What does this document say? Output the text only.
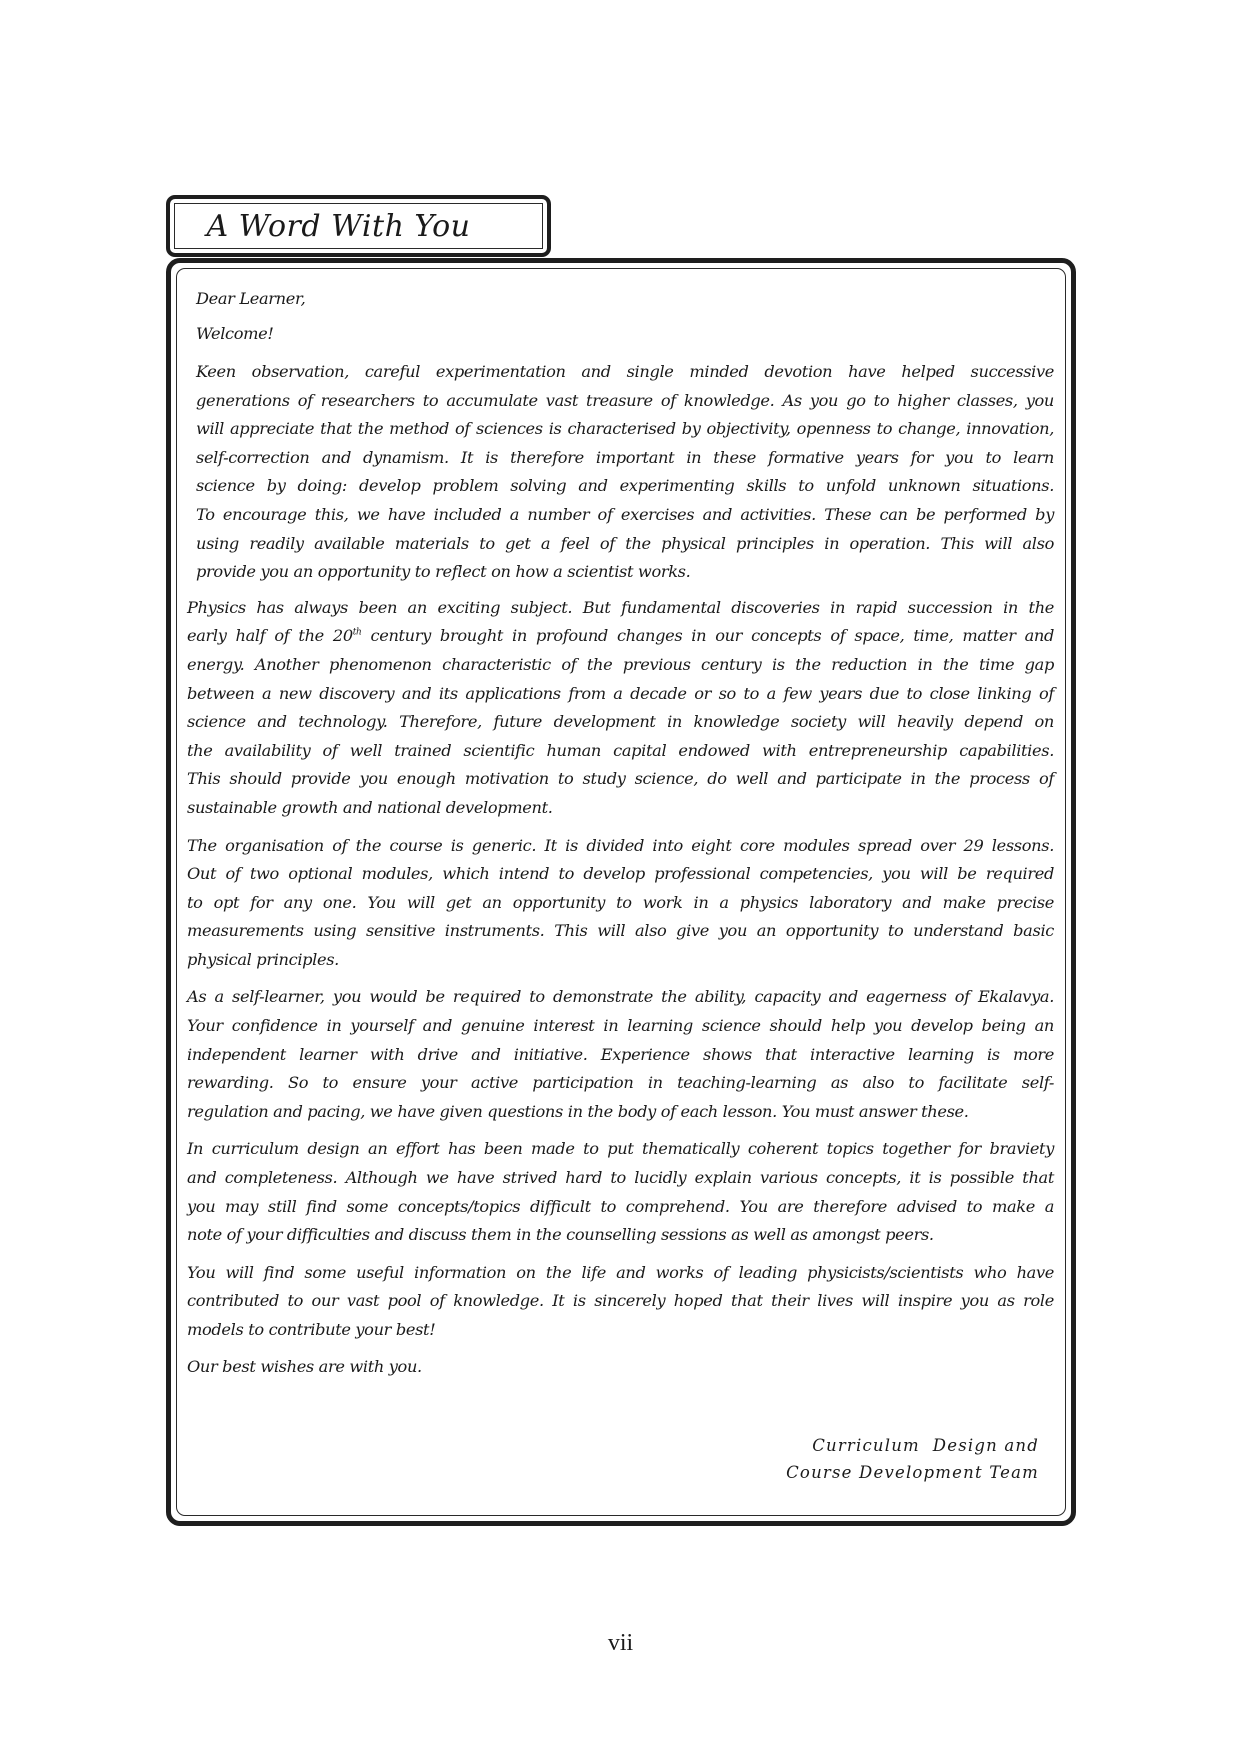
A Word With You

Dear Learner,

Welcome!

Keen observation, careful experimentation and single minded devotion have helped successive
generations of researchers to accumulate vast treasure of knowledge. As you go to higher classes, you
will appreciate that the method of sciences is characterised by objectivity, openness to change, innovation,
self-correction and dynamism. It is therefore important in these formative years for you to learn
science by doing: develop problem solving and experimenting skills to unfold unknown situations.
To encourage this, we have included a number of exercises and activities. These can be performed by
using readily available materials to get a feel of the physical principles in operation. This will also
provide you an opportunity to reflect on how a scientist works.

Physics has always been an exciting subject. But fundamental discoveries in rapid succession in the
early half of the 20th century brought in profound changes in our concepts of space, time, matter and
energy. Another phenomenon characteristic of the previous century is the reduction in the time gap
between a new discovery and its applications from a decade or so to a few years due to close linking of
science and technology. Therefore, future development in knowledge society will heavily depend on
the availability of well trained scientific human capital endowed with entrepreneurship capabilities.
This should provide you enough motivation to study science, do well and participate in the process of
sustainable growth and national development.

The organisation of the course is generic. It is divided into eight core modules spread over 29 lessons.
Out of two optional modules, which intend to develop professional competencies, you will be required
to opt for any one. You will get an opportunity to work in a physics laboratory and make precise
measurements using sensitive instruments. This will also give you an opportunity to understand basic
physical principles.

As a self-learner, you would be required to demonstrate the ability, capacity and eagerness of Ekalavya.
Your confidence in yourself and genuine interest in learning science should help you develop being an
independent learner with drive and initiative. Experience shows that interactive learning is more
rewarding. So to ensure your active participation in teaching-learning as also to facilitate self-
regulation and pacing, we have given questions in the body of each lesson. You must answer these.

In curriculum design an effort has been made to put thematically coherent topics together for braviety
and completeness. Although we have strived hard to lucidly explain various concepts, it is possible that
you may still find some concepts/topics difficult to comprehend. You are therefore advised to make a
note of your difficulties and discuss them in the counselling sessions as well as amongst peers.

You will find some useful information on the life and works of leading physicists/scientists who have
contributed to our vast pool of knowledge. It is sincerely hoped that their lives will inspire you as role
models to contribute your best!

Our best wishes are with you.

Curriculum  Design and
Course Development Team
vii
